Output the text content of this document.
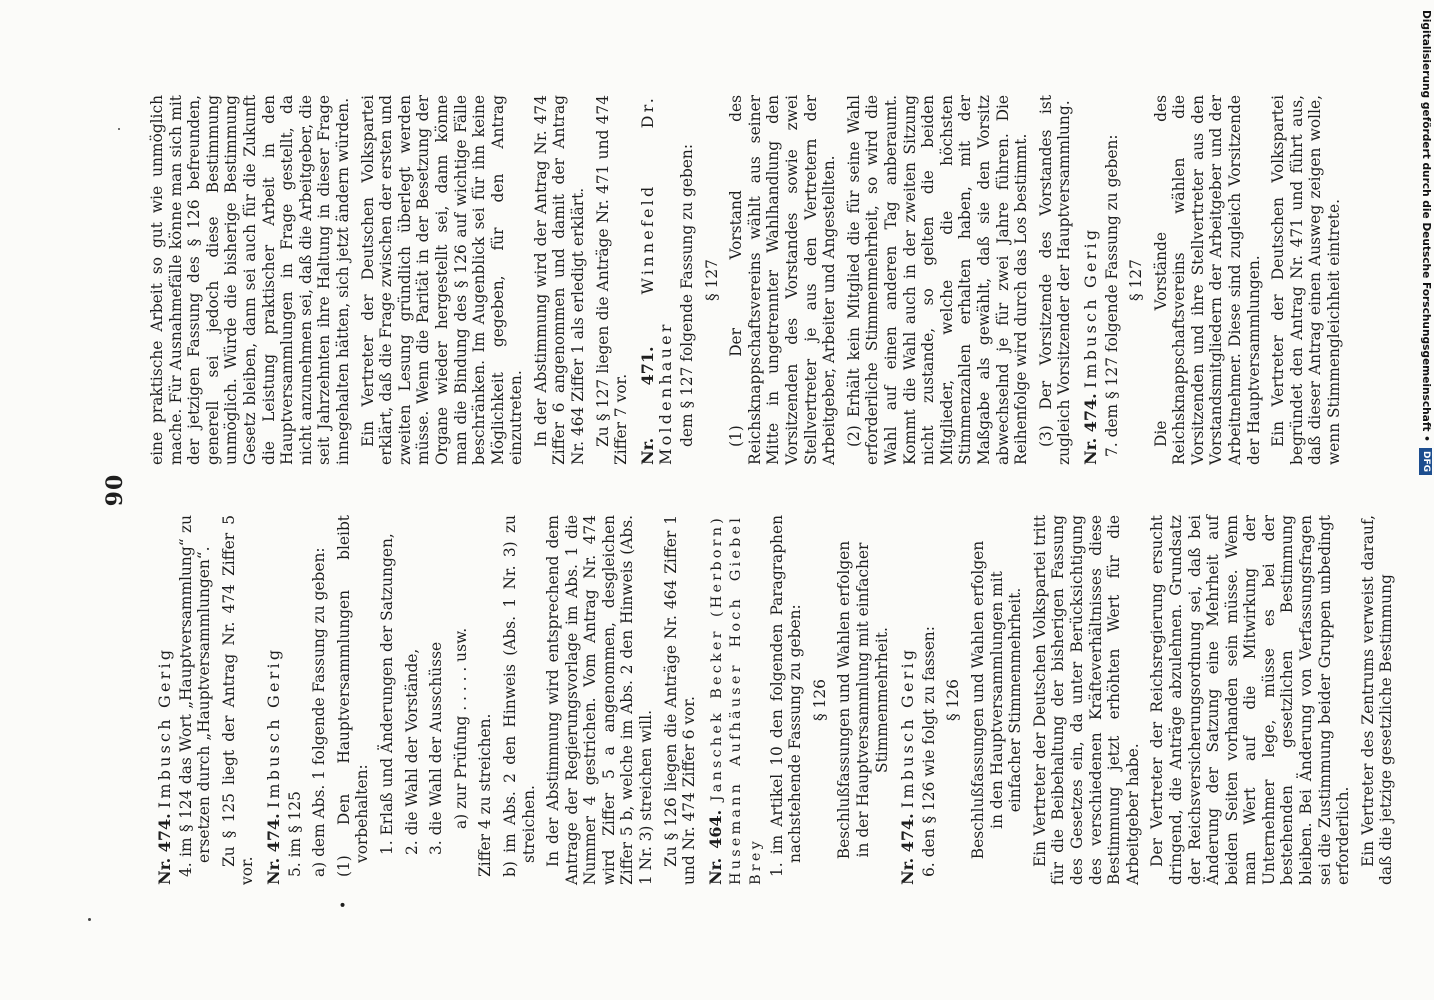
90
Nr. 474. Imbusch Gerig 4. im § 124 das Wort „Hauptversammlung“ zu ersetzen durch „Hauptversammlungen“. Zu § 125 liegt der Antrag Nr. 474 Ziffer 5 vor. Nr. 474. Imbusch Gerig

5. im § 125 a) dem Abs. 1 folgende Fassung zu geben:

•
(1) Den Hauptversammlungen bleibt vorbehalten: 1. Erlaß und Änderungen der Satzungen, 2. die Wahl der Vorstände, 3. die Wahl der Ausschüsse a) zur Prüfung . . . . . usw. Ziffer 4 zu streichen. b) im Abs. 2 den Hinweis (Abs. 1 Nr. 3) zu streichen. In der Abstimmung wird entsprechend dem Antrage der Regierungsvorlage im Abs. 1 die Nummer 4 gestrichen. Vom Antrag Nr. 474 wird Ziffer 5 a angenommen, desgleichen Ziffer 5 b, welche im Abs. 2 den Hinweis (Abs. 1 Nr. 3) streichen will. Zu § 126 liegen die Anträge Nr. 464 Ziffer 1 und Nr. 474 Ziffer 6 vor. Nr. 464. Janschek Becker (Herborn) Husemann Aufhäuser Hoch Giebel Brey 1. im Artikel 10 den folgenden Paragraphen nachstehende Fassung zu geben: § 126 Beschlußfassungen und Wahlen erfolgen in der Hauptversammlung mit einfacher Stimmenmehrheit.

Nr. 474. Imbusch Gerig 6. den § 126 wie folgt zu fassen: § 126 Beschlußfassungen und Wahlen erfolgen in den Hauptversammlungen mit einfacher Stimmenmehrheit. Ein Vertreter der Deutschen Volkspartei tritt für die Beibehaltung der bisherigen Fassung des Gesetzes ein, da unter Berücksichtigung des verschiedenen Kräfteverhältnisses diese Bestimmung jetzt erhöhten Wert für die Arbeitgeber habe. Der Vertreter der Reichsregierung ersucht dringend, die Anträge abzulehnen. Grundsatz der Reichsversicherungsordnung sei, daß bei Änderung der Satzung eine Mehrheit auf beiden Seiten vorhanden sein müsse. Wenn man Wert auf die Mitwirkung der Unternehmer lege, müsse es bei der bestehenden gesetzlichen Bestimmung bleiben. Bei Änderung von Verfassungsfragen sei die Zustimmung beider Gruppen unbedingt erforderlich. Ein Vertreter des Zentrums verweist darauf, daß die jetzige gesetzliche Bestimmung

eine praktische Arbeit so gut wie unmöglich mache. Für Ausnahmefälle könne man sich mit der jetzigen Fassung des § 126 befreunden, generell sei jedoch diese Bestimmung unmöglich. Würde die bisherige Bestimmung Gesetz bleiben, dann sei auch für die Zukunft die Leistung praktischer Arbeit in den Hauptversammlungen in Frage gestellt, da nicht anzunehmen sei, daß die Arbeitgeber, die seit Jahrzehnten ihre Haltung in dieser Frage innegehalten hätten, sich jetzt ändern würden. Ein Vertreter der Deutschen Volkspartei erklärt, daß die Frage zwischen der ersten und zweiten Lesung gründlich überlegt werden müsse. Wenn die Parität in der Besetzung der Organe wieder hergestellt sei, dann könne man die Bindung des § 126 auf wichtige Fälle beschränken. Im Augenblick sei für ihn keine Möglichkeit gegeben, für den Antrag einzutreten. In der Abstimmung wird der Antrag Nr. 474 Ziffer 6 angenommen und damit der Antrag Nr. 464 Ziffer 1 als erledigt erklärt. Zu § 127 liegen die Anträge Nr. 471 und 474 Ziffer 7 vor. Nr. 471. Winnefeld Dr. Moldenhauer dem § 127 folgende Fassung zu geben: § 127 (1) Der Vorstand des Reichsknappschaftsvereins wählt aus seiner Mitte in ungetrennter Wahlhandlung den Vorsitzenden des Vorstandes sowie zwei Stellvertreter je aus den Vertretern der Arbeitgeber, Arbeiter und Angestellten. (2) Erhält kein Mitglied die für seine Wahl erforderliche Stimmenmehrheit, so wird die Wahl auf einen anderen Tag anberaumt. Kommt die Wahl auch in der zweiten Sitzung nicht zustande, so gelten die beiden Mitglieder, welche die höchsten Stimmenzahlen erhalten haben, mit der Maßgabe als gewählt, daß sie den Vorsitz abwechselnd je für zwei Jahre führen. Die Reihenfolge wird durch das Los bestimmt. (3) Der Vorsitzende des Vorstandes ist zugleich Vorsitzender der Hauptversammlung. Nr. 474. Imbusch Gerig 7. dem § 127 folgende Fassung zu geben: § 127 Die Vorstände des Reichsknappschaftsvereins wählen die Vorsitzenden und ihre Stellvertreter aus den Vorstandsmitgliedern der Arbeitgeber und der Arbeitnehmer. Diese sind zugleich Vorsitzende der Hauptversammlungen. Ein Vertreter der Deutschen Volkspartei begründet den Antrag Nr. 471 und führt aus, daß dieser Antrag einen Ausweg zeigen wolle, wenn Stimmengleichheit eintrete.	Digitalisierung gefördert durch die Deutsche Forschungsgemeinschaft •DFG
